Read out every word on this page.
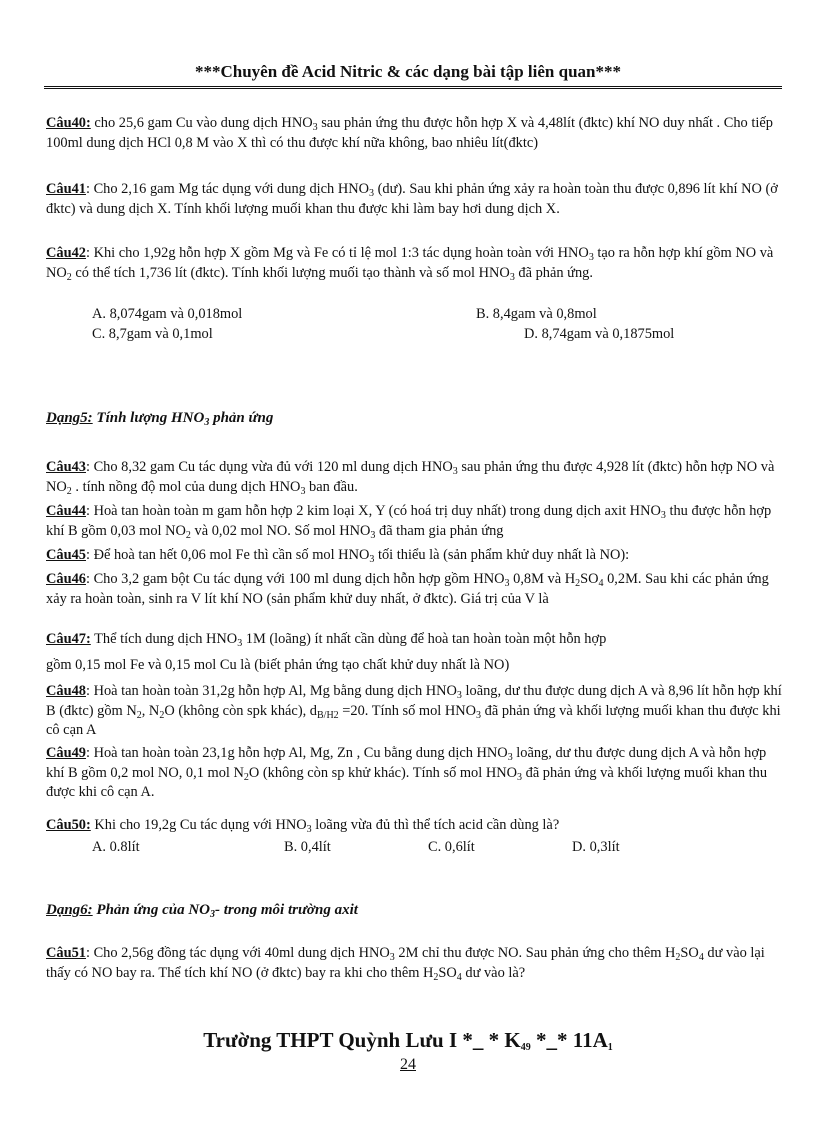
***Chuyên đề Acid Nitric & các dạng bài tập liên quan***
Câu40: cho 25,6 gam Cu vào dung dịch $HNO_3$ sau phản ứng thu được hỗn hợp X và 4,48lít (đktc) khí NO duy nhất . Cho tiếp 100ml dung dịch HCl 0,8 M vào X thì có thu được khí nữa không, bao nhiêu lít(đktc)
Câu41: Cho 2,16 gam Mg tác dụng với dung dịch $HNO_3$ (dư). Sau khi phản ứng xảy ra hoàn toàn thu được 0,896 lít khí NO (ở đktc) và dung dịch X. Tính khối lượng muối khan thu được khi làm bay hơi dung dịch X.
Câu42: Khi cho 1,92g hỗn hợp X gồm Mg và Fe có tỉ lệ mol 1:3 tác dụng hoàn toàn với $HNO_3$ tạo ra hỗn hợp khí gồm NO và $NO_2$ có thể tích 1,736 lít (đktc). Tính khối lượng muối tạo thành và số mol $HNO_3$ đã phản ứng.
A. 8,074gam và 0,018mol	B. 8,4gam và 0,8mol
C. 8,7gam và 0,1mol	D. 8,74gam và 0,1875mol
Dạng5: Tính lượng $HNO_3$ phản ứng
Câu43: Cho 8,32 gam Cu tác dụng vừa đủ với 120 ml dung dịch $HNO_3$ sau phản ứng thu được 4,928 lít (đktc) hỗn hợp NO và $NO_2$ . tính nồng độ mol của dung dịch $HNO_3$ ban đầu.
Câu44: Hoà tan hoàn toàn m gam hỗn hợp 2 kim loại X, Y (có hoá trị duy nhất) trong dung dịch axit $HNO_3$ thu được hỗn hợp khí B gồm 0,03 mol $NO_2$ và 0,02 mol NO. Số mol $HNO_3$ đã tham gia phản ứng
Câu45: Để hoà tan hết 0,06 mol Fe thì cần số mol $HNO_3$ tối thiểu là (sản phẩm khử duy nhất là NO):
Câu46: Cho 3,2 gam bột Cu tác dụng với 100 ml dung dịch hỗn hợp gồm $HNO_3$ 0,8M và $H_2SO_4$ 0,2M. Sau khi các phản ứng xảy ra hoàn toàn, sinh ra V lít khí NO (sản phẩm khử duy nhất, ở đktc). Giá trị của V là
Câu47: Thể tích dung dịch $HNO_3$ 1M (loãng) ít nhất cần dùng để hoà tan hoàn toàn một hỗn hợp
gồm 0,15 mol Fe và 0,15 mol Cu là (biết phản ứng tạo chất khử duy nhất là NO)
Câu48: Hoà tan hoàn toàn 31,2g hỗn hợp Al, Mg bằng dung dịch $HNO_3$ loãng, dư thu được dung dịch A và 8,96 lít hỗn hợp khí B (đktc) gồm $N_2$, $N_2O$ (không còn spk khác), $d_{B/H2} =20$. Tính số mol $HNO_3$ đã phản ứng và khối lượng muối khan thu được khi cô cạn A
Câu49: Hoà tan hoàn toàn 23,1g hỗn hợp Al, Mg, Zn , Cu bằng dung dịch $HNO_3$ loãng, dư thu được dung dịch A và hỗn hợp khí B gồm 0,2 mol NO, 0,1 mol $N_2O$ (không còn sp khử khác). Tính số mol $HNO_3$ đã phản ứng và khối lượng muối khan thu được khi cô cạn A.
Câu50: Khi cho 19,2g Cu tác dụng với $HNO_3$ loãng vừa đủ thì thể tích acid cần dùng là?
A. 0.8lít	B. 0,4lít	C. 0,6lít	D. 0,3lít
Dạng6: Phản ứng của $NO_3-$ trong môi trường axit
Câu51: Cho 2,56g đồng tác dụng với 40ml dung dịch $HNO_3$ 2M chỉ thu được NO. Sau phản ứng cho thêm $H_2SO_4$ dư vào lại thấy có NO bay ra. Thể tích khí NO (ở đktc) bay ra khi cho thêm $H_2SO_4$ dư vào là?
Trường THPT Quỳnh Lưu I *_ * $K_{49}$ *_* $11A_1$
24
